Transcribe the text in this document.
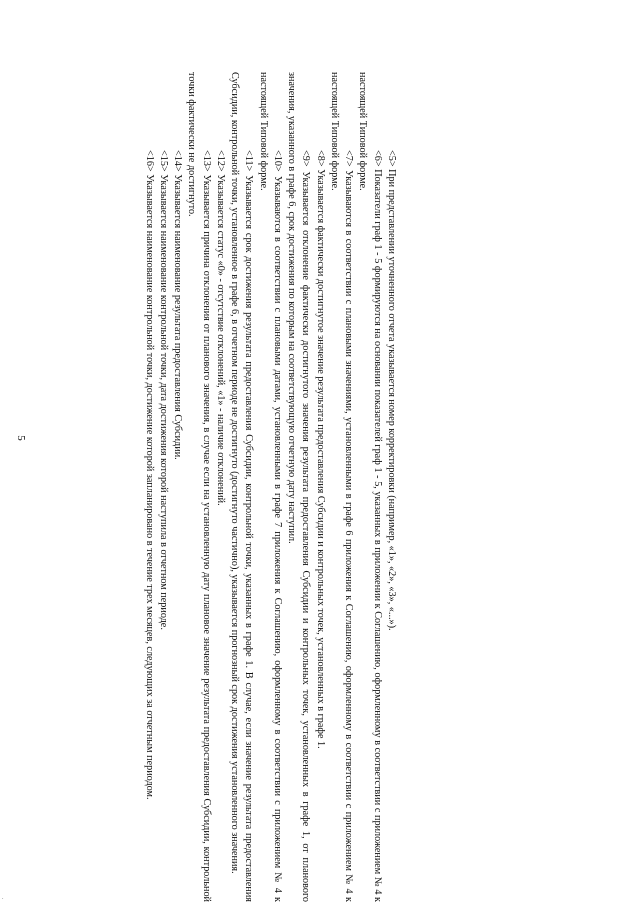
5	<5> При представлении уточненного отчета указывается номер корректировки (например, «1», «2», «3», «...»).

<6> Показатели граф 1 - 5 формируются на основании показателей граф 1 - 5, указанных в приложении к Соглашению, оформленному в соответствии с приложением № 4 к настоящей Типовой форме.

<7> Указываются в соответствии с плановыми значениями, установленными в графе 6 приложения к Соглашению, оформленному в соответствии с приложением № 4 к настоящей Типовой форме.

<8> Указывается фактически достигнутое значение результата предоставления Субсидии и контрольных точек, установленных в графе 1.

<9> Указывается отклонение фактически достигнутого значения результата предоставления Субсидии и контрольных точек, установленных в графе 1, от планового значения, указанного в графе 6, срок достижения по которым на соответствующую отчетную дату наступил.

<10> Указываются в соответствии с плановыми датами, установленными в графе 7 приложения к Соглашению, оформленному в соответствии с приложением № 4 к настоящей Типовой форме.

<11> Указывается срок достижения результата предоставления Субсидии, контрольной точки, указанных в графе 1. В случае, если значение результата предоставления Субсидии, контрольной точки, установленное в графе 6, в отчетном периоде не достигнуто (достигнуто частично), указывается прогнозный срок достижения установленного значения.

<12> Указывается статус «0» - отсутствие отклонений, «1» - наличие отклонений.

<13> Указывается причина отклонения от планового значения, в случае если на установленную дату плановое значение результата предоставления Субсидии, контрольной точки фактически не достигнуто.

<14> Указывается наименование результата предоставления Субсидии.

<15> Указывается наименование контрольной точки, дата достижения которой наступила в отчетном периоде.

<16> Указывается наименование контрольной точки, достижение которой запланировано в течение трех месяцев, следующих за отчетным периодом.

.
